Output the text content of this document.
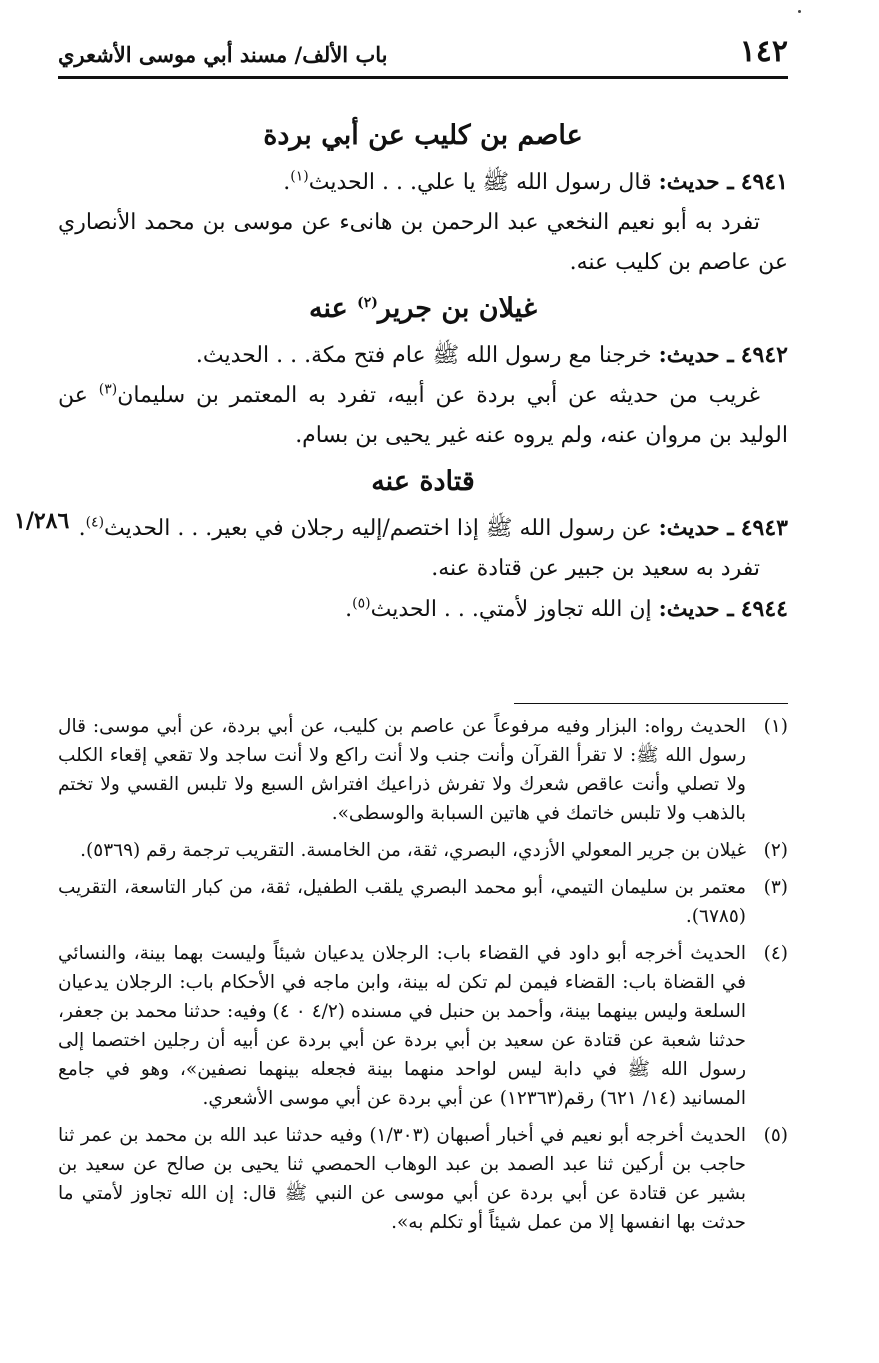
١٤٢
باب الألف/ مسند أبي موسى الأشعري
١/٢٨٦
عاصم بن كليب عن أبي بردة

٤٩٤١ ـ حديث: قال رسول الله ﷺ يا علي. . . الحديث$^{(١)}$.

تفرد به أبو نعيم النخعي عبد الرحمن بن هانىء عن موسى بن محمد الأنصاري عن عاصم بن كليب عنه.

غيلان بن جرير$^{(٢)}$ عنه

٤٩٤٢ ـ حديث: خرجنا مع رسول الله ﷺ عام فتح مكة. . . الحديث.

غريب من حديثه عن أبي بردة عن أبيه، تفرد به المعتمر بن سليمان$^{(٣)}$ عن الوليد بن مروان عنه، ولم يروه عنه غير يحيى بن بسام.

قتادة عنه

٤٩٤٣ ـ حديث: عن رسول الله ﷺ إذا اختصم/إليه رجلان في بعير. . . الحديث$^{(٤)}$.

تفرد به سعيد بن جبير عن قتادة عنه.

٤٩٤٤ ـ حديث: إن الله تجاوز لأمتي. . . الحديث$^{(٥)}$.

(١)
الحديث رواه: البزار وفيه مرفوعاً عن عاصم بن كليب، عن أبي بردة، عن أبي موسى: قال رسول الله ﷺ: لا تقرأ القرآن وأنت جنب ولا أنت راكع ولا أنت ساجد ولا تقعي إقعاء الكلب ولا تصلي وأنت عاقص شعرك ولا تفرش ذراعيك افتراش السبع ولا تلبس القسي ولا تختم بالذهب ولا تلبس خاتمك في هاتين السبابة والوسطى».
(٢)
غيلان بن جرير المعولي الأزدي، البصري، ثقة، من الخامسة. التقريب ترجمة رقم (٥٣٦٩).
(٣)
معتمر بن سليمان التيمي، أبو محمد البصري يلقب الطفيل، ثقة، من كبار التاسعة، التقريب (٦٧٨٥).
(٤)
الحديث أخرجه أبو داود في القضاء باب: الرجلان يدعيان شيئاً وليست بهما بينة، والنسائي في القضاة باب: القضاء فيمن لم تكن له بينة، وابن ماجه في الأحكام باب: الرجلان يدعيان السلعة وليس بينهما بينة، وأحمد بن حنبل في مسنده (٤/٢ ٠ ٤) وفيه: حدثنا محمد بن جعفر، حدثنا شعبة عن قتادة عن سعيد بن أبي بردة عن أبي بردة عن أبيه أن رجلين اختصما إلى رسول الله ﷺ في دابة ليس لواحد منهما بينة فجعله بينهما نصفين»، وهو في جامع المسانيد (١٤/ ٦٢١) رقم(١٢٣٦٣) عن أبي بردة عن أبي موسى الأشعري.
(٥)
الحديث أخرجه أبو نعيم في أخبار أصبهان (١/٣٠٣) وفيه حدثنا عبد الله بن محمد بن عمر ثنا حاجب بن أركين ثنا عبد الصمد بن عبد الوهاب الحمصي ثنا يحيى بن صالح عن سعيد بن بشير عن قتادة عن أبي بردة عن أبي موسى عن النبي ﷺ قال: إن الله تجاوز لأمتي ما حدثت بها انفسها إلا من عمل شيئاً أو تكلم به».
